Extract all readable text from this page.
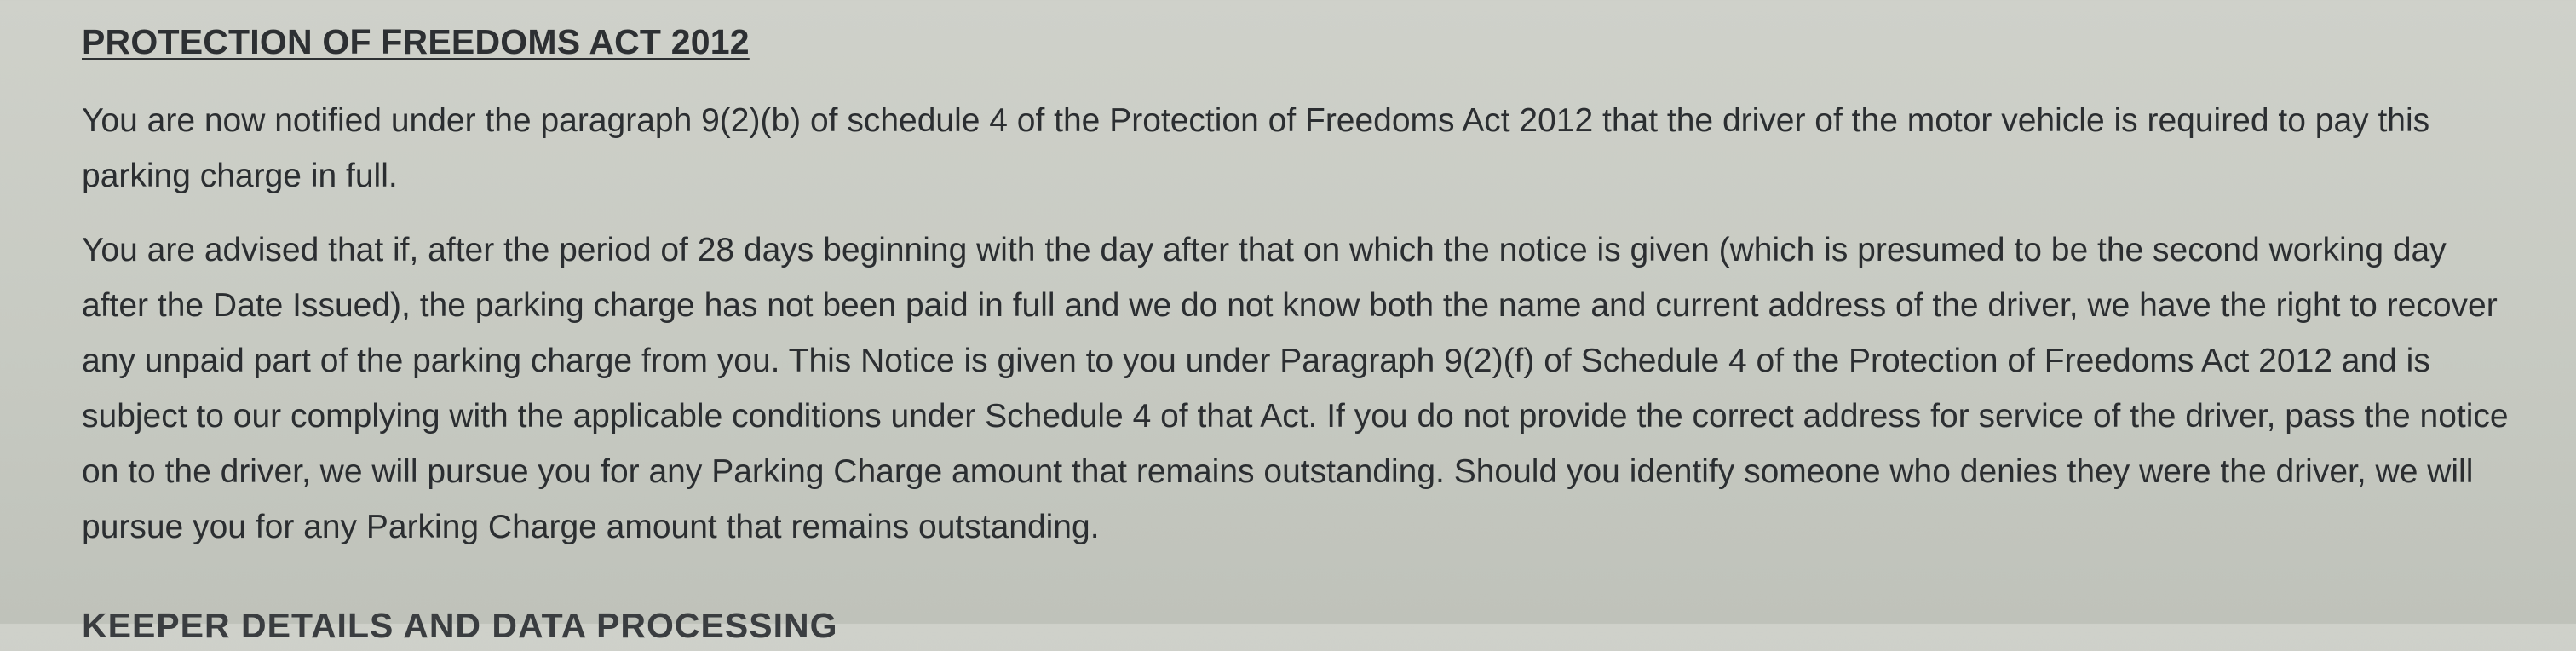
PROTECTION OF FREEDOMS ACT 2012

You are now notified under the paragraph 9(2)(b) of schedule 4 of the Protection of Freedoms Act 2012 that the driver of the motor vehicle is required to pay this parking charge in full.

You are advised that if, after the period of 28 days beginning with the day after that on which the notice is given (which is presumed to be the second working day after the Date Issued), the parking charge has not been paid in full and we do not know both the name and current address of the driver, we have the right to recover any unpaid part of the parking charge from you. This Notice is given to you under Paragraph 9(2)(f) of Schedule 4 of the Protection of Freedoms Act 2012 and is subject to our complying with the applicable conditions under Schedule 4 of that Act. If you do not provide the correct address for service of the driver, pass the notice on to the driver, we will pursue you for any Parking Charge amount that remains outstanding. Should you identify someone who denies they were the driver, we will pursue you for any Parking Charge amount that remains outstanding.

KEEPER DETAILS AND DATA PROCESSING
